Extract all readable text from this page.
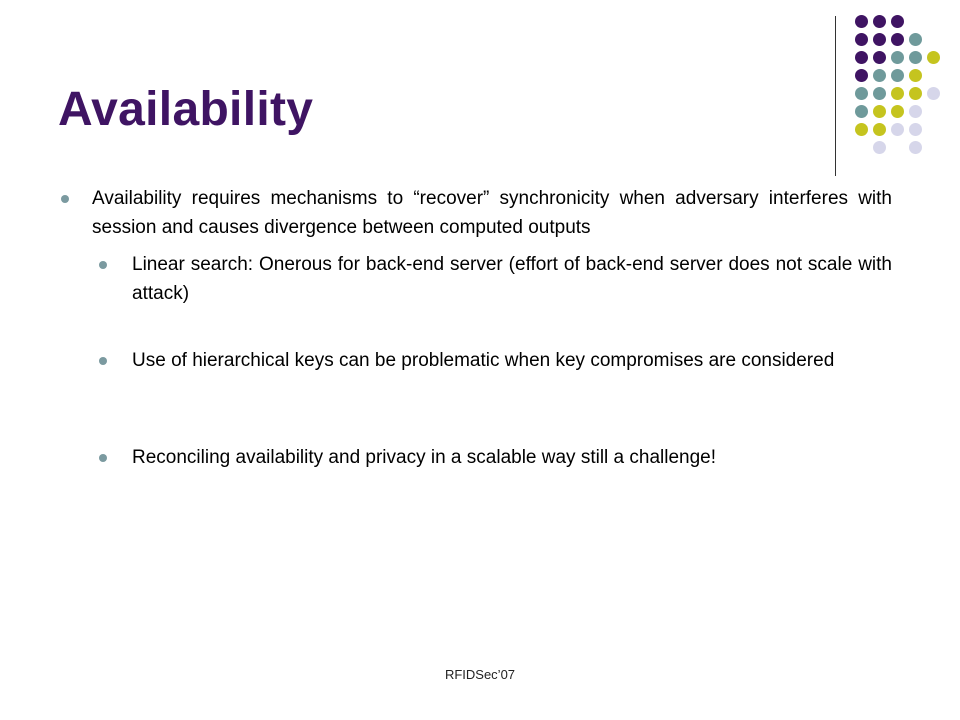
Availability

Availability requires mechanisms to “recover” synchronicity when adversary interferes with session and causes divergence between computed outputs

Linear search: Onerous for back-end server (effort of back-end server does not scale with attack)

Use of hierarchical keys can be problematic when key compromises are considered

Reconciling availability and privacy in a scalable way still a challenge!

RFIDSec’07
